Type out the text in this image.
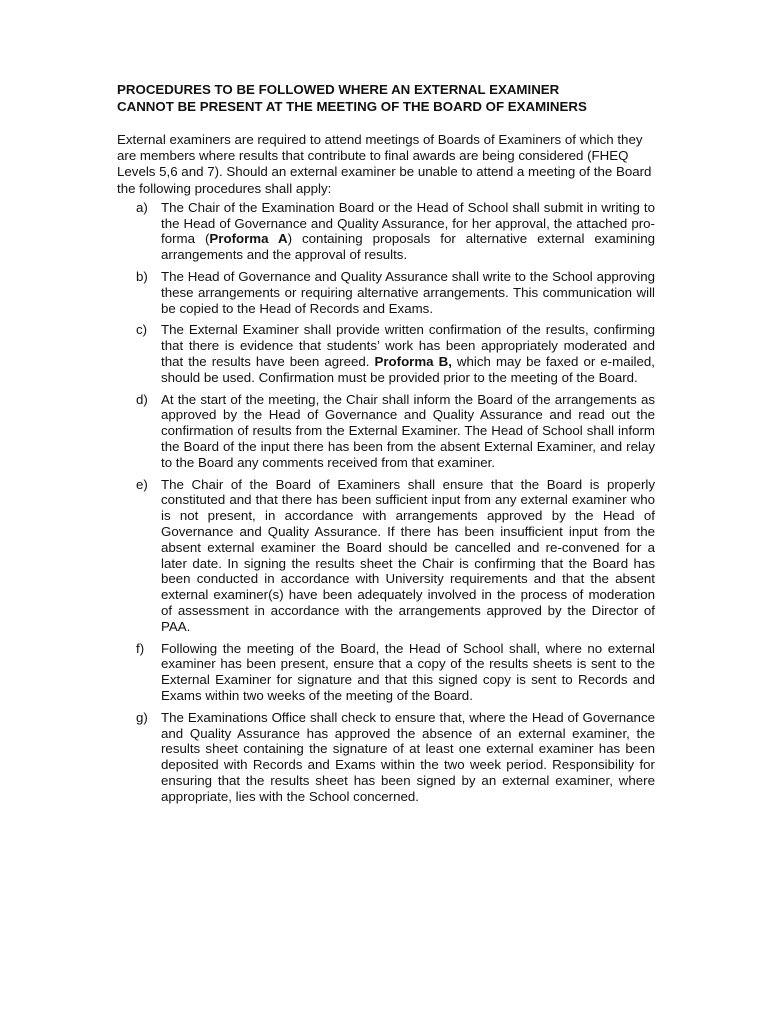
PROCEDURES TO BE FOLLOWED WHERE AN EXTERNAL EXAMINER
CANNOT BE PRESENT AT THE MEETING OF THE BOARD OF EXAMINERS

External examiners are required to attend meetings of Boards of Examiners of which they are members where results that contribute to final awards are being considered (FHEQ Levels 5,6 and 7). Should an external examiner be unable to attend a meeting of the Board the following procedures shall apply:

a) The Chair of the Examination Board or the Head of School shall submit in writing to the Head of Governance and Quality Assurance, for her approval, the attached pro-forma (Proforma A) containing proposals for alternative external examining arrangements and the approval of results.
b) The Head of Governance and Quality Assurance shall write to the School approving these arrangements or requiring alternative arrangements. This communication will be copied to the Head of Records and Exams.
c)	The External Examiner shall provide written confirmation of the results, confirming that there is evidence that students’ work has been appropriately moderated and that the results have been agreed. Proforma B, which may be faxed or e-mailed, should be used. Confirmation must be provided prior to the meeting of the Board.
d) At the start of the meeting, the Chair shall inform the Board of the arrangements as approved by the Head of Governance and Quality Assurance and read out the confirmation of results from the External Examiner. The Head of School shall inform the Board of the input there has been from the absent External Examiner, and relay to the Board any comments received from that examiner.
e) The Chair of the Board of Examiners shall ensure that the Board is properly constituted and that there has been sufficient input from any external examiner who is not present, in accordance with arrangements approved by the Head of Governance and Quality Assurance. If there has been insufficient input from the absent external examiner the Board should be cancelled and re-convened for a later date. In signing the results sheet the Chair is confirming that the Board has been conducted in accordance with University requirements and that the absent external examiner(s) have been adequately involved in the process of moderation of assessment in accordance with the arrangements approved by the Director of PAA.
f)	Following the meeting of the Board, the Head of School shall, where no external examiner has been present, ensure that a copy of the results sheets is sent to the External Examiner for signature and that this signed copy is sent to Records and Exams within two weeks of the meeting of the Board.
g) The Examinations Office shall check to ensure that, where the Head of Governance and Quality Assurance has approved the absence of an external examiner, the results sheet containing the signature of at least one external examiner has been deposited with Records and Exams within the two week period. Responsibility for ensuring that the results sheet has been signed by an external examiner, where appropriate, lies with the School concerned.
